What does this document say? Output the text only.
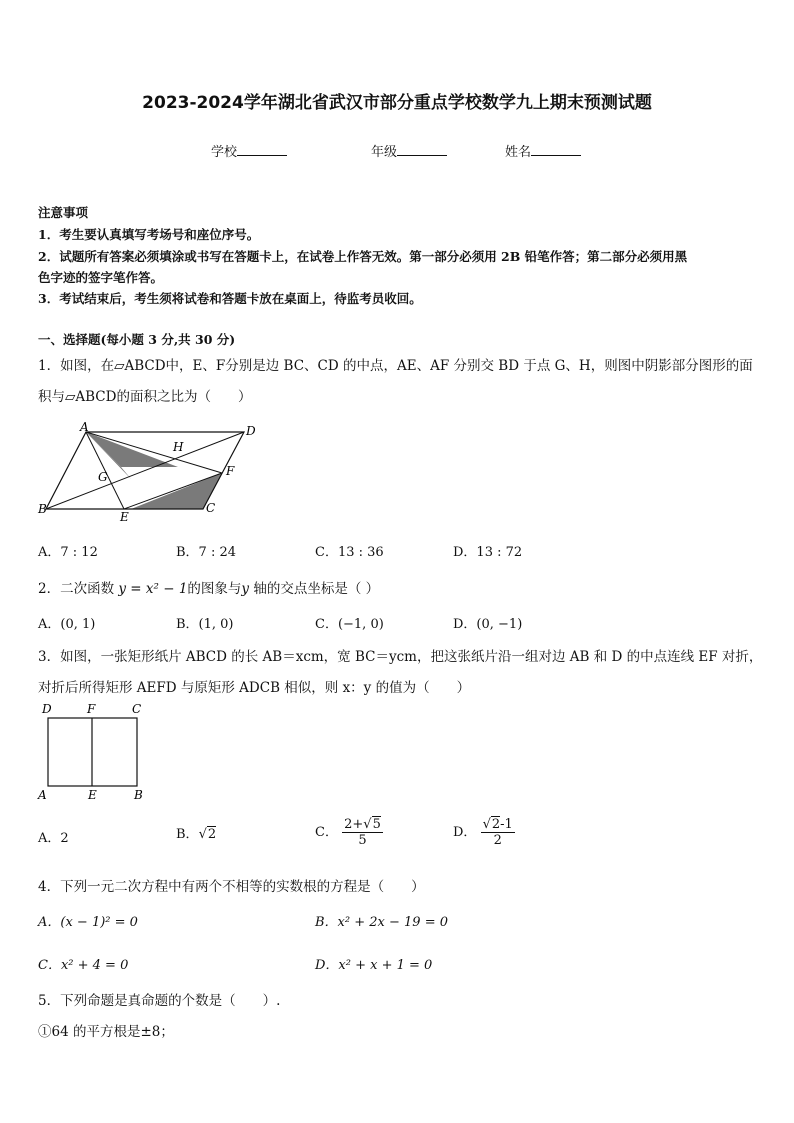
2023-2024学年湖北省武汉市部分重点学校数学九上期末预测试题
学校	年级	姓名
注意事项
1．考生要认真填写考场号和座位序号。
2．试题所有答案必须填涂或书写在答题卡上，在试卷上作答无效。第一部分必须用 2B 铅笔作答；第二部分必须用黑
色字迹的签字笔作答。
3．考试结束后，考生须将试卷和答题卡放在桌面上，待监考员收回。
一、选择题(每小题 3 分,共 30 分)
1．如图，在▱ABCD中，E、F分别是边 BC、CD 的中点，AE、AF 分别交 BD 于点 G、H，则图中阴影部分图形的面
积与▱ABCD的面积之比为（　　）
A	D
B	C
E
F
G
H
A．7 : 12	B．7 : 24	C．13 : 36	D．13 : 72
2．二次函数 y = x² − 1的图象与y 轴的交点坐标是（ ）
A．(0, 1)	B．(1, 0)	C．(−1, 0)	D．(0, −1)
3．如图，一张矩形纸片 ABCD 的长 AB＝xcm，宽 BC＝ycm，把这张纸片沿一组对边 AB 和 D 的中点连线 EF 对折，
对折后所得矩形 AEFD 与原矩形 ADCB 相似，则 x：y 的值为（　　）
D	F	C
A	E	B
A．2	B．√2	C． $\frac{2+√5}{5}$	D． $\frac{√2-1}{2}$
4．下列一元二次方程中有两个不相等的实数根的方程是（　　）
A．(x − 1)² = 0	B．x² + 2x − 19 = 0
C．x² + 4 = 0	D．x² + x + 1 = 0
5．下列命题是真命题的个数是（　　）.
①64 的平方根是±8；
